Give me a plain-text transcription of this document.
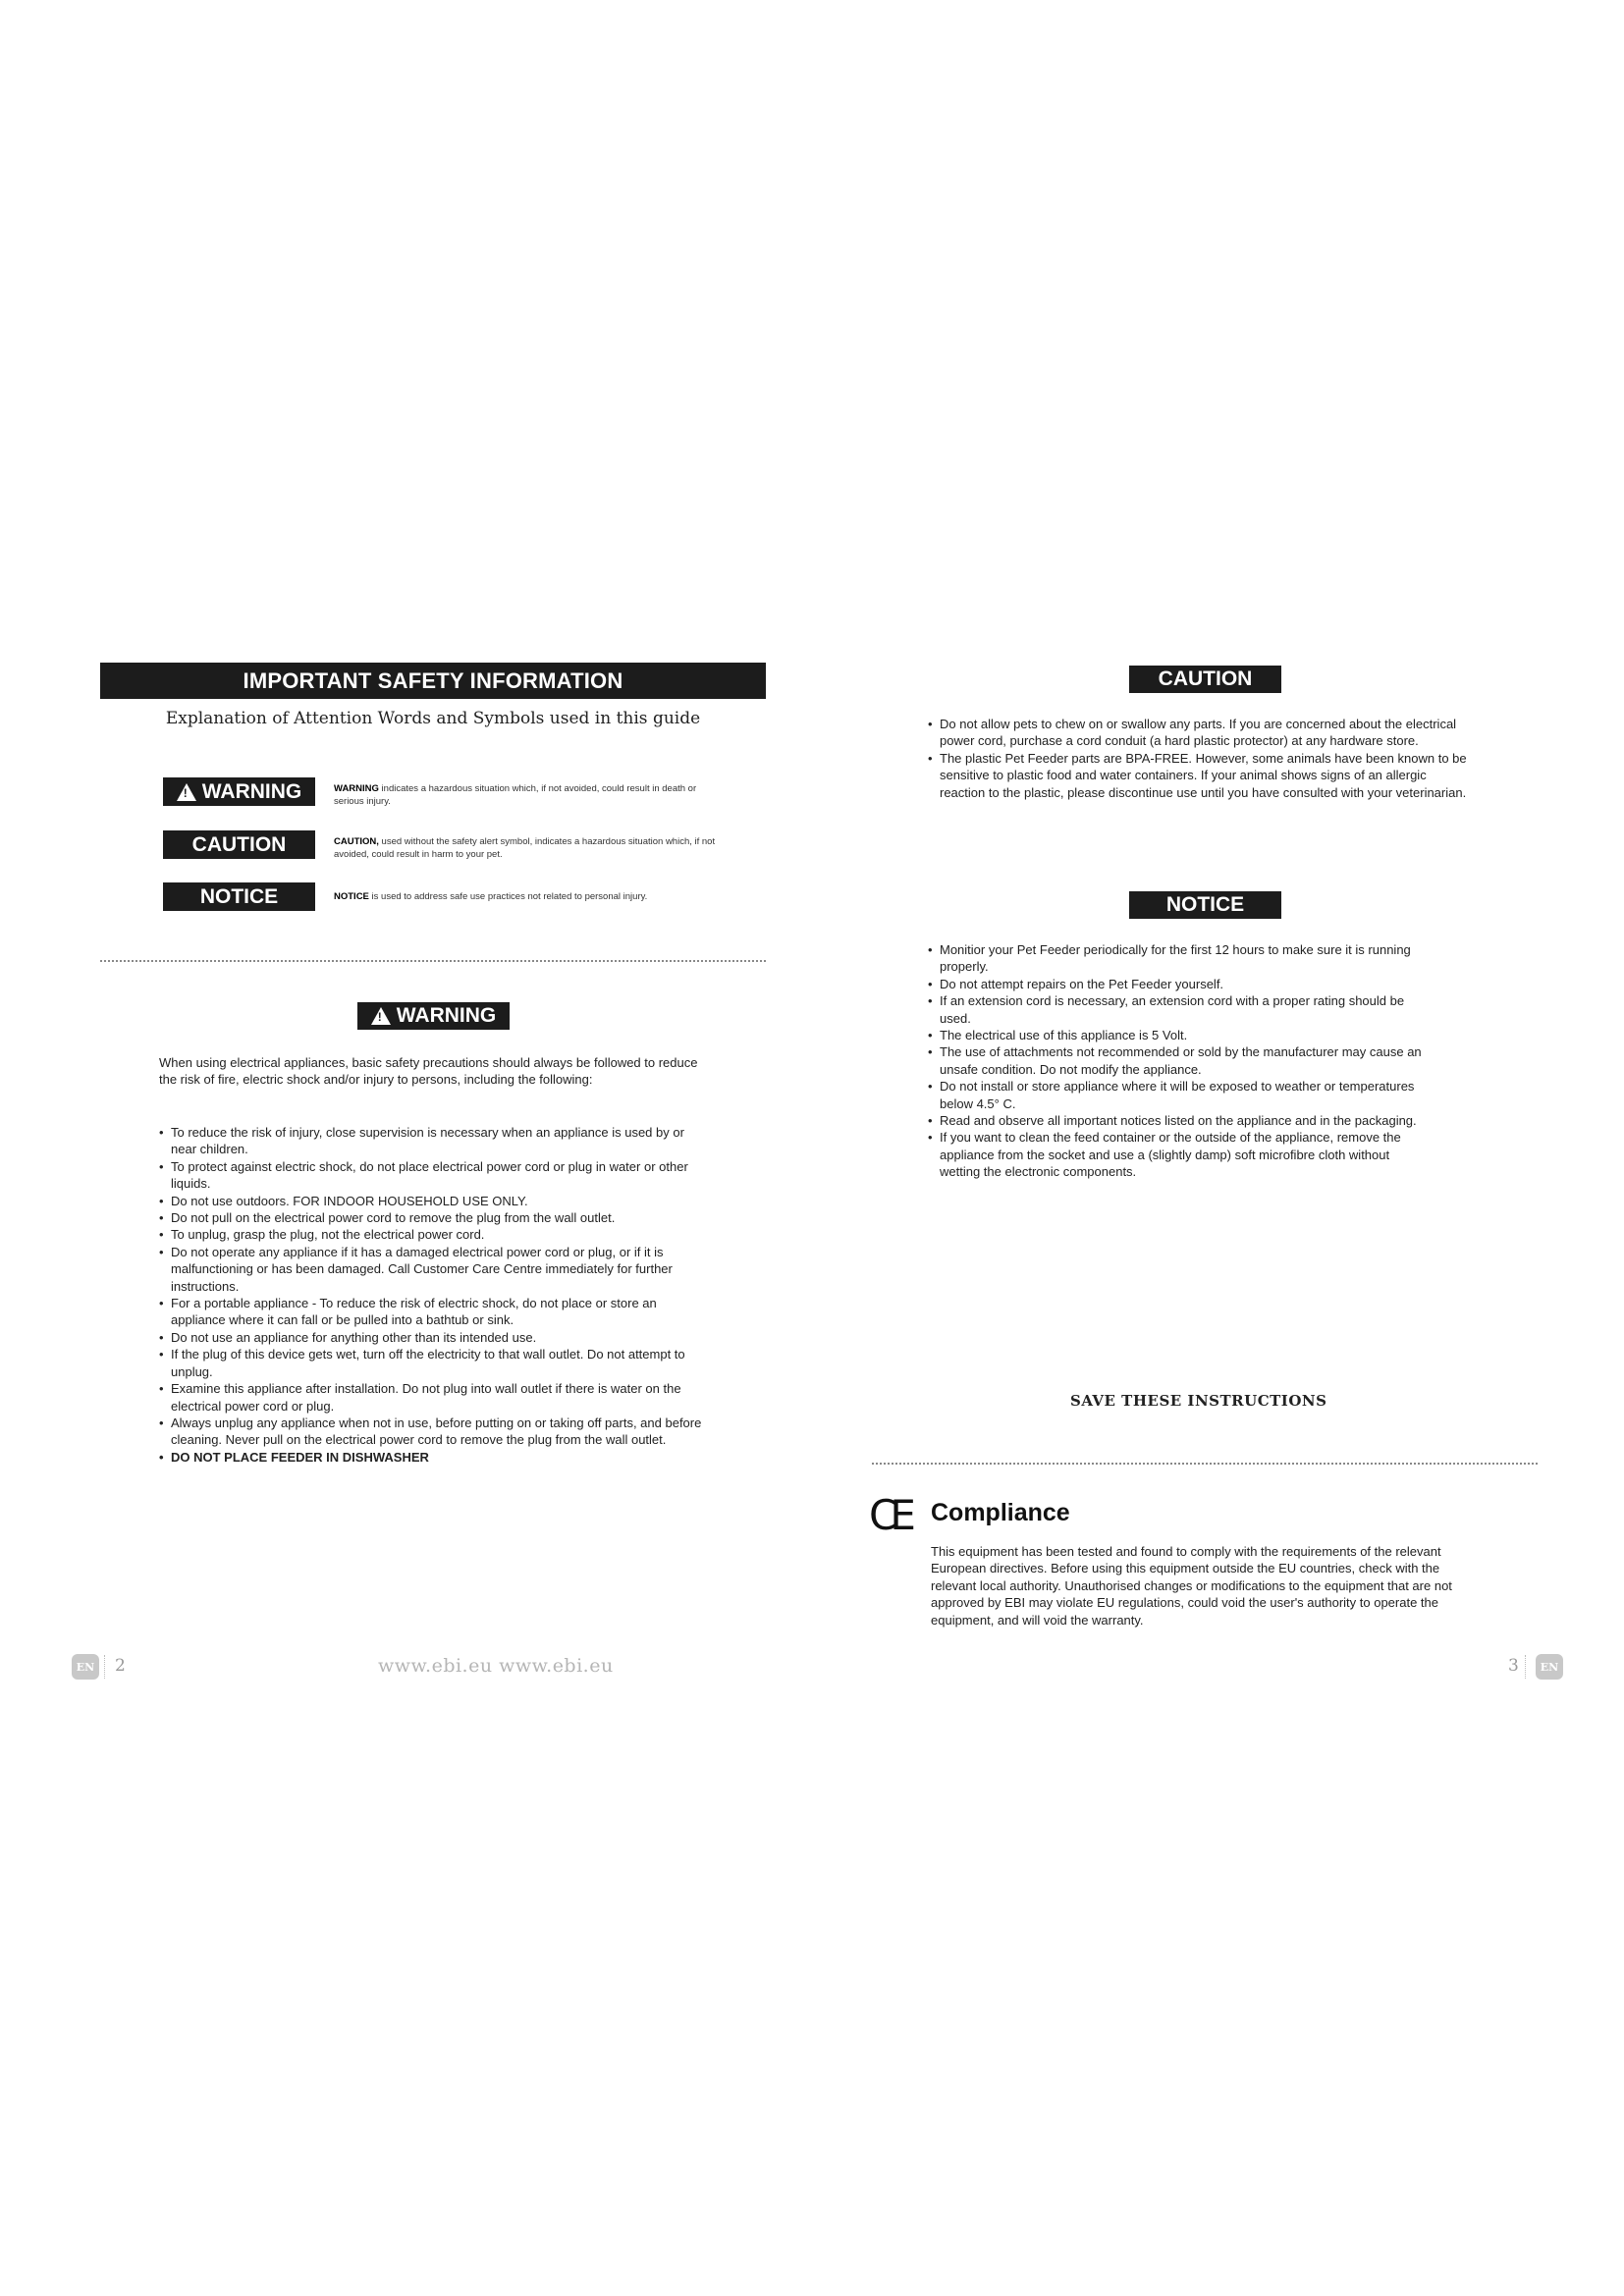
IMPORTANT SAFETY INFORMATION
Explanation of Attention Words and Symbols used in this guide
!
WARNING	WARNING indicates a hazardous situation which, if not avoided, could result in death or serious injury.
CAUTION	CAUTION, used without the safety alert symbol, indicates a hazardous situation which, if not avoided, could result in harm to your pet.
NOTICE	NOTICE is used to address safe use practices not related to personal injury.
!
WARNING
When using electrical appliances, basic safety precautions should always be followed to reduce the risk of fire, electric shock and/or injury to persons, including the following:
• To reduce the risk of injury, close supervision is necessary when an appliance is used by or near children.
• To protect against electric shock, do not place electrical power cord or plug in water or other liquids.
• Do not use outdoors. FOR INDOOR HOUSEHOLD USE ONLY.
• Do not pull on the electrical power cord to remove the plug from the wall outlet.
• To unplug, grasp the plug, not the electrical power cord.
• Do not operate any appliance if it has a damaged electrical power cord or plug, or if it is malfunctioning or has been damaged. Call Customer Care Centre immediately for further instructions.
• For a portable appliance - To reduce the risk of electric shock, do not place or store an appliance where it can fall or be pulled into a bathtub or sink.
• Do not use an appliance for anything other than its intended use.
• If the plug of this device gets wet, turn off the electricity to that wall outlet. Do not attempt to unplug.
• Examine this appliance after installation. Do not plug into wall outlet if there is water on the electrical power cord or plug.
• Always unplug any appliance when not in use, before putting on or taking off parts, and before cleaning. Never pull on the electrical power cord to remove the plug from the wall outlet.
• DO NOT PLACE FEEDER IN DISHWASHER
EN 2	www.ebi.eu www.ebi.eu
CAUTION
• Do not allow pets to chew on or swallow any parts. If you are concerned about the electrical power cord, purchase a cord conduit (a hard plastic protector) at any hardware store.
• The plastic Pet Feeder parts are BPA-FREE. However, some animals have been known to be sensitive to plastic food and water containers. If your animal shows signs of an allergic reaction to the plastic, please discontinue use until you have consulted with your veterinarian.
NOTICE
• Monitior your Pet Feeder periodically for the first 12 hours to make sure it is running properly.
• Do not attempt repairs on the Pet Feeder yourself.
• If an extension cord is necessary, an extension cord with a proper rating should be used.
• The electrical use of this appliance is 5 Volt.
• The use of attachments not recommended or sold by the manufacturer may cause an unsafe condition. Do not modify the appliance.
• Do not install or store appliance where it will be exposed to weather or temperatures below 4.5° C.
• Read and observe all important notices listed on the appliance and in the packaging.
• If you want to clean the feed container or the outside of the appliance, remove the appliance from the socket and use a (slightly damp) soft microfibre cloth without wetting the electronic components.
SAVE THESE INSTRUCTIONS
CE Compliance
This equipment has been tested and found to comply with the requirements of the relevant European directives. Before using this equipment outside the EU countries, check with the relevant local authority. Unauthorised changes or modifications to the equipment that are not approved by EBI may violate EU regulations, could void the user's authority to operate the equipment, and will void the warranty.
3	EN
